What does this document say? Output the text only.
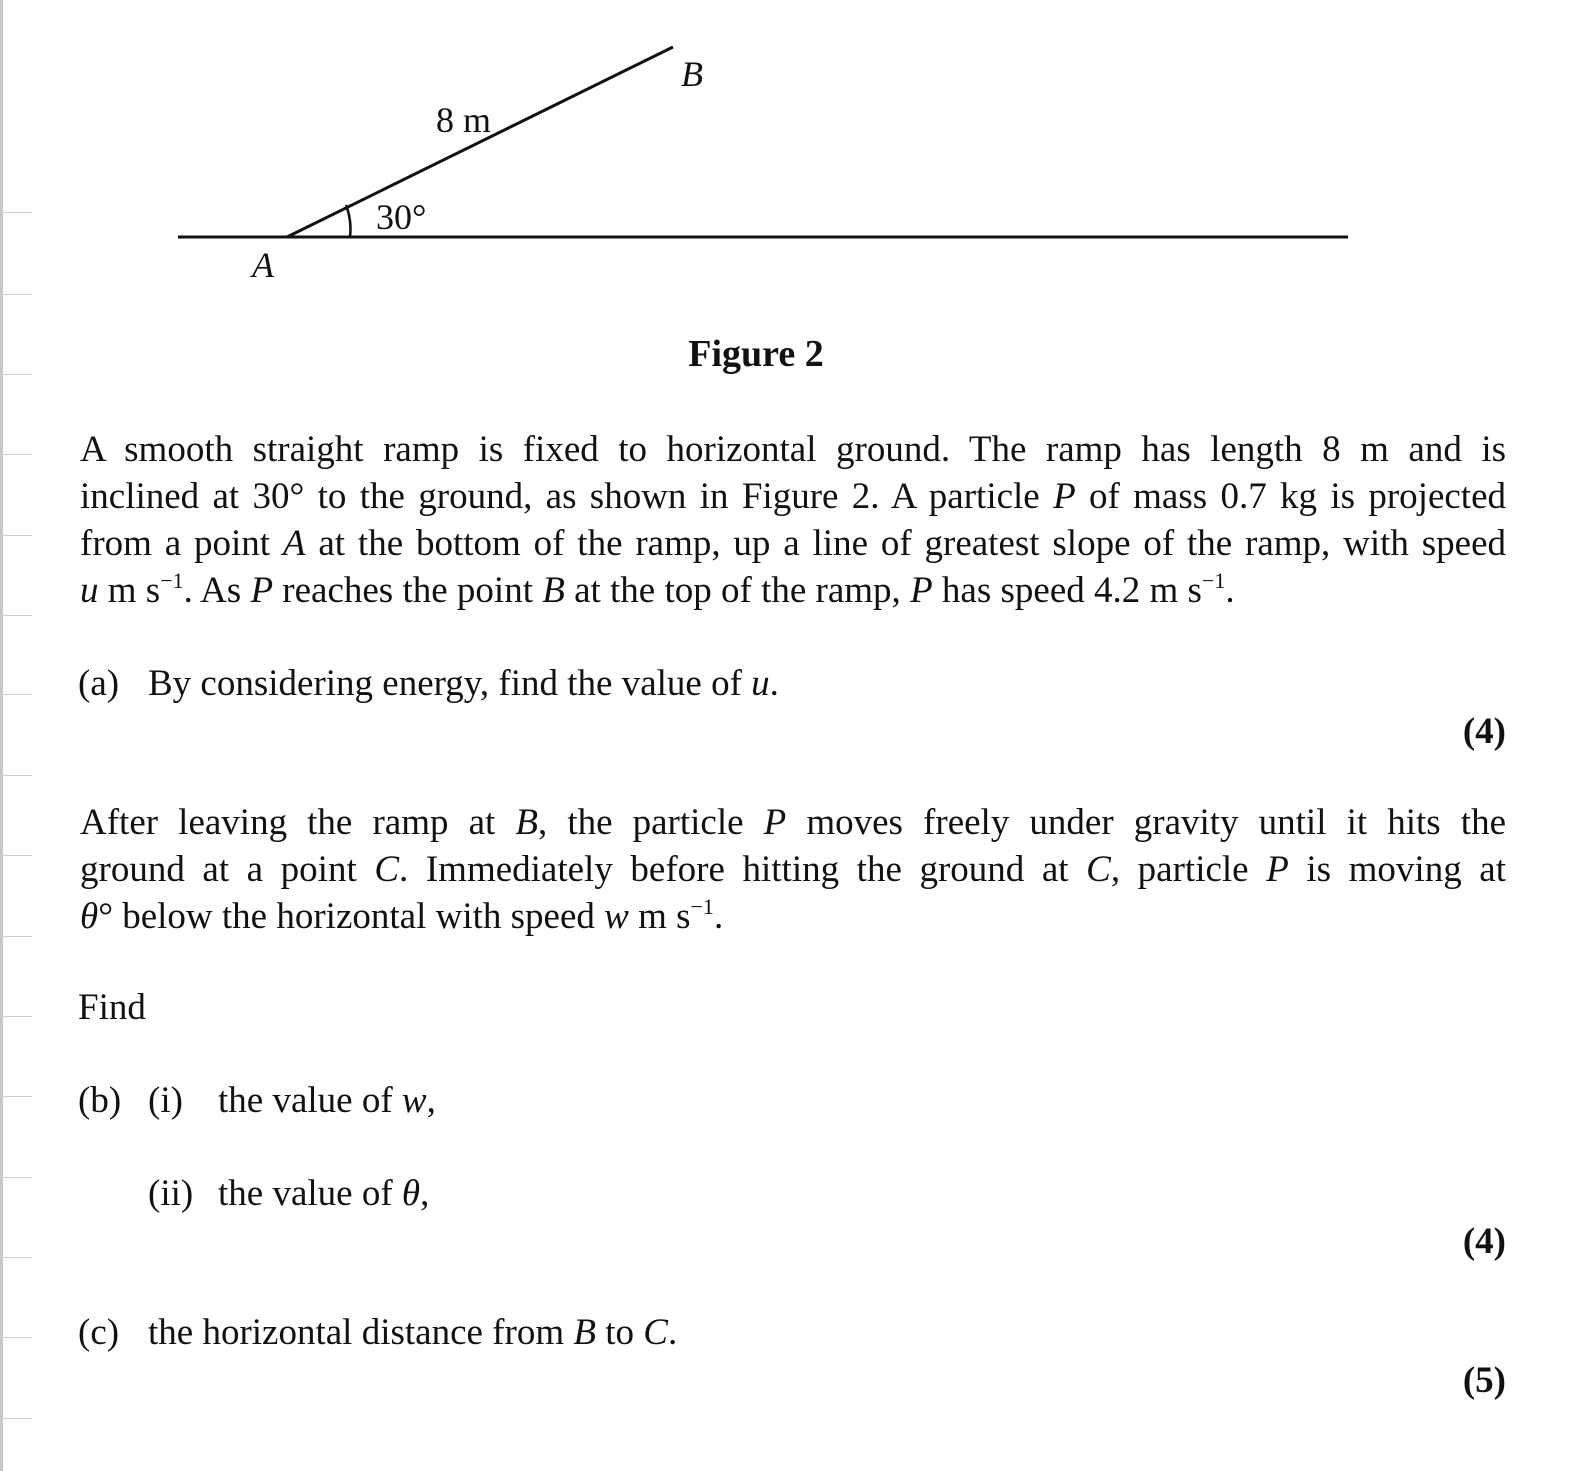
B
A
8 m
30°
Figure 2
A smooth straight ramp is fixed to horizontal ground. The ramp has length 8 m and is
inclined at 30° to the ground, as shown in Figure 2. A particle P of mass 0.7 kg is projected
from a point A at the bottom of the ramp, up a line of greatest slope of the ramp, with speed
u m $s^{-1}$. As P reaches the point B at the top of the ramp, P has speed 4.2 m $s^{-1}$.
(a) By considering energy, find the value of u.
(4)
After leaving the ramp at B, the particle P moves freely under gravity until it hits the
ground at a point C. Immediately before hitting the ground at C, particle P is moving at
θ° below the horizontal with speed w m $s^{-1}$.
Find
(b) (i) the value of w,
(ii) the value of θ,
(4)
(c) the horizontal distance from B to C.
(5)
